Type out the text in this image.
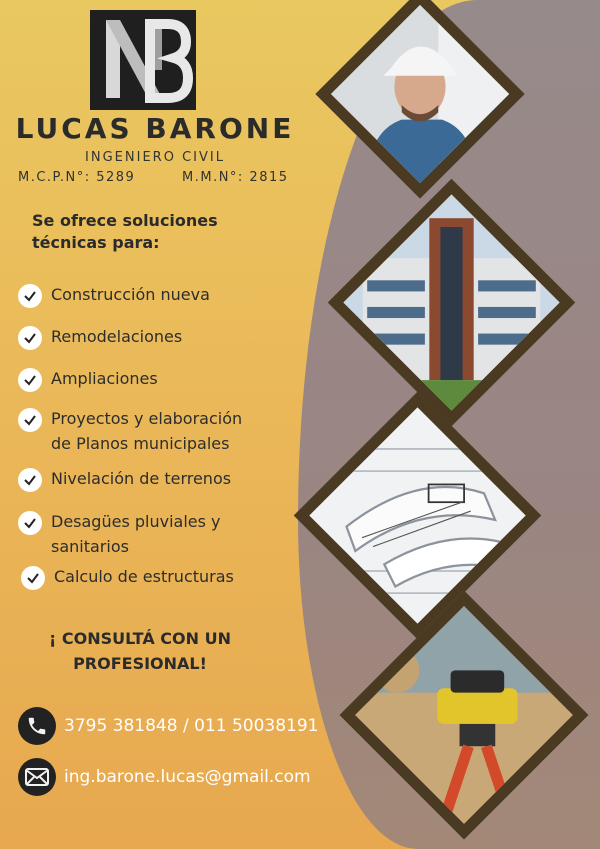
LUCAS BARONE
INGENIERO CIVIL
M.C.P.N°: 5289	M.M.N°: 2815
Se ofrece soluciones técnicas para:
Construcción nueva
Remodelaciones
Ampliaciones
Proyectos y elaboración
de Planos municipales
Nivelación de terrenos
Desagües pluviales y
sanitarios
Calculo de estructuras
¡ CONSULTÁ CON UN
PROFESIONAL!
3795 381848 / 011 50038191
ing.barone.lucas@gmail.com
